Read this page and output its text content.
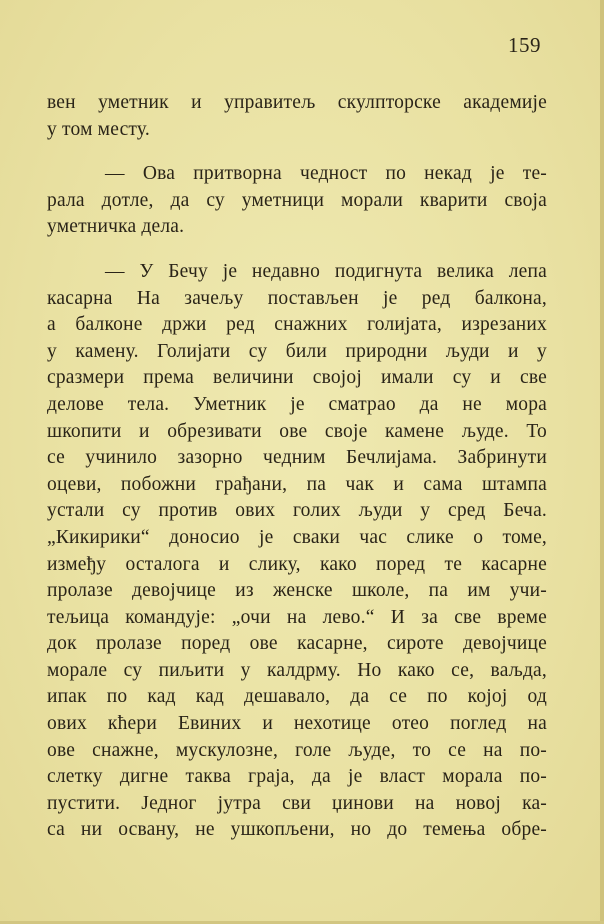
159
вен уметник и управитељ скулпторске академије
у том месту.
— Ова притворна чедност по некад је те-
рала дотле, да су уметници морали кварити своја
уметничка дела.
— У Бечу је недавно подигнута велика лепа
касарна На зачељу постављен је ред балкона,
а балконе држи ред снажних голијата, изрезаних
у камену. Голијати су били природни људи и у
сразмери према величини својој имали су и све
делове тела. Уметник је сматрао да не мора
шкопити и обрезивати ове своје камене људе. То
се учинило зазорно чедним Бечлијама. Забринути
оцеви, побожни грађани, па чак и сама штампа
устали су против ових голих људи у сред Беча.
„Кикирики“ доносио је сваки час слике о томе,
између осталога и слику, како поред те касарне
пролазе девојчице из женске школе, па им учи-
тељица командује: „очи на лево.“ И за све време
док пролазе поред ове касарне, сироте девојчице
морале су пиљити у калдрму. Но како се, ваљда,
ипак по кад кад дешавало, да се по којој од
ових кћери Евиних и нехотице отео поглед на
ове снажне, мускулозне, голе људе, то се на по-
слетку дигне таква граја, да је власт морала по-
пустити. Једног јутра сви џинови на новој ка-
са ни освану, не ушкопљени, но до темења обре-
